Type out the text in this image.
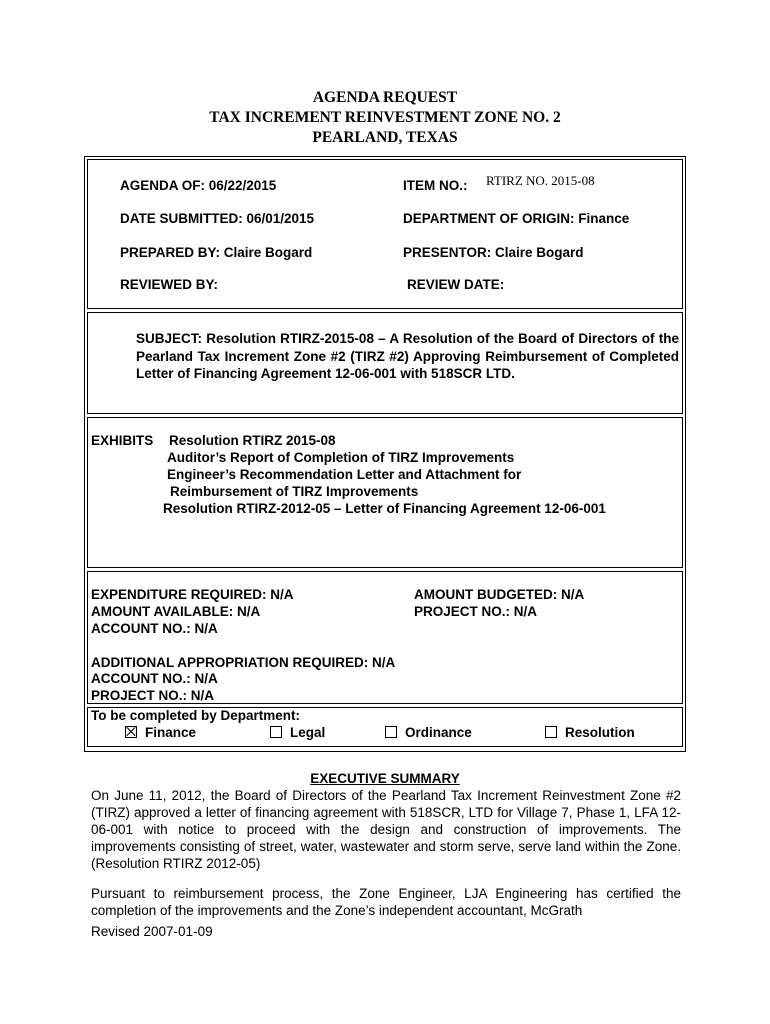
AGENDA REQUEST
TAX INCREMENT REINVESTMENT ZONE NO. 2
PEARLAND, TEXAS
AGENDA OF: 06/22/2015	ITEM NO.: RTIRZ NO. 2015-08
DATE SUBMITTED: 06/01/2015	DEPARTMENT OF ORIGIN: Finance
PREPARED BY: Claire Bogard	PRESENTOR: Claire Bogard
REVIEWED BY:	REVIEW DATE:
SUBJECT: Resolution RTIRZ-2015-08 – A Resolution of the Board of Directors of the Pearland Tax Increment Zone #2 (TIRZ #2) Approving Reimbursement of Completed Letter of Financing Agreement 12-06-001 with 518SCR LTD.
EXHIBITS Resolution RTIRZ 2015-08
Auditor’s Report of Completion of TIRZ Improvements
Engineer’s Recommendation Letter and Attachment for
Reimbursement of TIRZ Improvements
Resolution RTIRZ-2012-05 – Letter of Financing Agreement 12-06-001
EXPENDITURE REQUIRED: N/A	AMOUNT BUDGETED: N/A
AMOUNT AVAILABLE: N/A	PROJECT NO.: N/A
ACCOUNT NO.: N/A
ADDITIONAL APPROPRIATION REQUIRED: N/A
ACCOUNT NO.: N/A
PROJECT NO.: N/A
To be completed by Department:
Finance	Legal	Ordinance	Resolution
EXECUTIVE SUMMARY
On June 11, 2012, the Board of Directors of the Pearland Tax Increment Reinvestment Zone #2 (TIRZ) approved a letter of financing agreement with 518SCR, LTD for Village 7, Phase 1, LFA 12-06-001 with notice to proceed with the design and construction of improvements. The improvements consisting of street, water, wastewater and storm serve, serve land within the Zone. (Resolution RTIRZ 2012-05)
Pursuant to reimbursement process, the Zone Engineer, LJA Engineering has certified the completion of the improvements and the Zone’s independent accountant, McGrath
Revised 2007-01-09
